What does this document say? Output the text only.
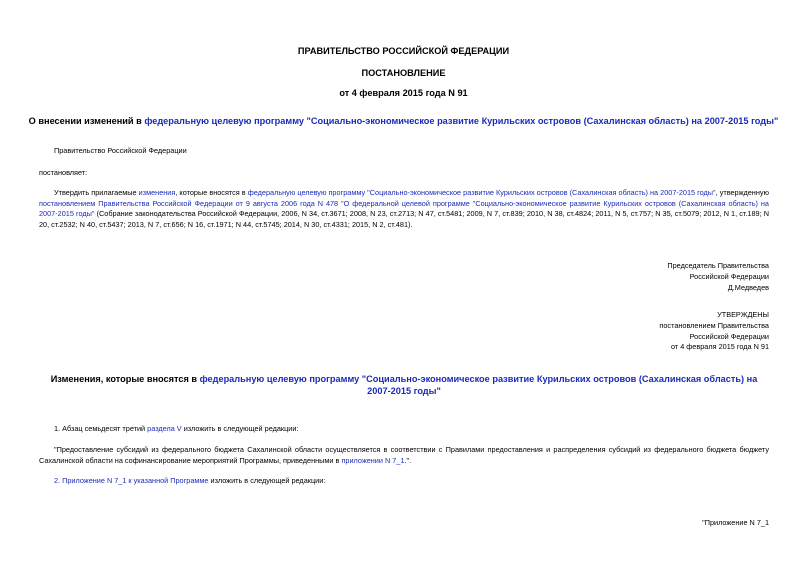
ПРАВИТЕЛЬСТВО РОССИЙСКОЙ ФЕДЕРАЦИИ
ПОСТАНОВЛЕНИЕ
от 4 февраля 2015 года N 91
О внесении изменений в федеральную целевую программу "Социально-экономическое развитие Курильских островов (Сахалинская область) на 2007-2015 годы"
Правительство Российской Федерации
постановляет:
Утвердить прилагаемые изменения, которые вносятся в федеральную целевую программу "Социально-экономическое развитие Курильских островов (Сахалинская область) на 2007-2015 годы", утвержденную постановлением Правительства Российской Федерации от 9 августа 2006 года N 478 "О федеральной целевой программе "Социально-экономическое развитие Курильских островов (Сахалинская область) на 2007-2015 годы" (Собрание законодательства Российской Федерации, 2006, N 34, ст.3671; 2008, N 23, ст.2713; N 47, ст.5481; 2009, N 7, ст.839; 2010, N 38, ст.4824; 2011, N 5, ст.757; N 35, ст.5079; 2012, N 1, ст.189; N 20, ст.2532; N 40, ст.5437; 2013, N 7, ст.656; N 16, ст.1971; N 44, ст.5745; 2014, N 30, ст.4331; 2015, N 2, ст.481).
Председатель Правительства
Российской Федерации
Д.Медведев
УТВЕРЖДЕНЫ
постановлением Правительства
Российской Федерации
от 4 февраля 2015 года N 91
Изменения, которые вносятся в федеральную целевую программу "Социально-экономическое развитие Курильских островов (Сахалинская область) на 2007-2015 годы"
1. Абзац семьдесят третий раздела V изложить в следующей редакции:
"Предоставление субсидий из федерального бюджета Сахалинской области осуществляется в соответствии с Правилами предоставления и распределения субсидий из федерального бюджета бюджету Сахалинской области на софинансирование мероприятий Программы, приведенными в приложении N 7_1.".
2. Приложение N 7_1 к указанной Программе изложить в следующей редакции:
"Приложение N 7_1
